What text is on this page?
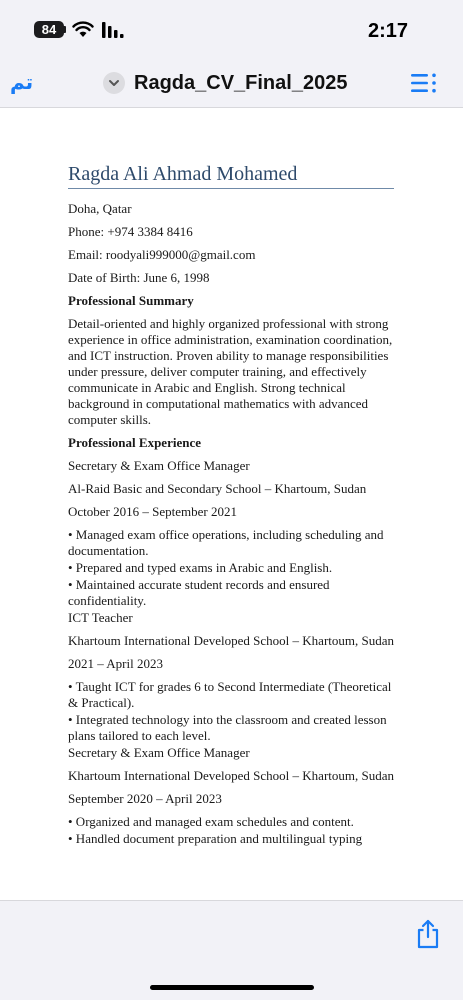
84	2:17
تم	Ragda_CV_Final_2025
Ragda Ali Ahmad Mohamed
Doha, Qatar
Phone: +974 3384 8416
Email: roodyali999000@gmail.com
Date of Birth: June 6, 1998
Professional Summary
Detail-oriented and highly organized professional with strong experience in office administration, examination coordination, and ICT instruction. Proven ability to manage responsibilities under pressure, deliver computer training, and effectively communicate in Arabic and English. Strong technical background in computational mathematics with advanced computer skills.
Professional Experience
Secretary & Exam Office Manager
Al-Raid Basic and Secondary School – Khartoum, Sudan
October 2016 – September 2021
• Managed exam office operations, including scheduling and documentation.
• Prepared and typed exams in Arabic and English.
• Maintained accurate student records and ensured confidentiality.
ICT Teacher
Khartoum International Developed School – Khartoum, Sudan
2021 – April 2023
• Taught ICT for grades 6 to Second Intermediate (Theoretical & Practical).
• Integrated technology into the classroom and created lesson plans tailored to each level.
Secretary & Exam Office Manager
Khartoum International Developed School – Khartoum, Sudan
September 2020 – April 2023
• Organized and managed exam schedules and content.
• Handled document preparation and multilingual typing
